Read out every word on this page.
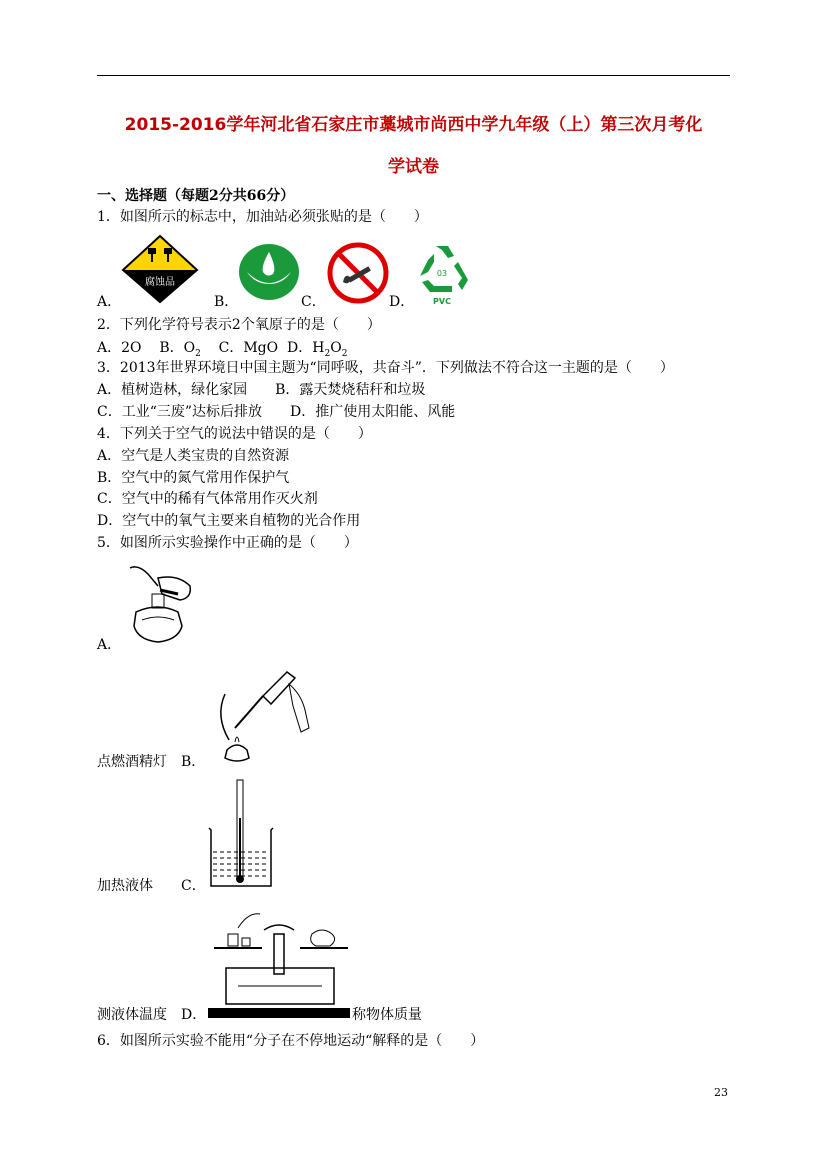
2015-2016学年河北省石家庄市藁城市尚西中学九年级（上）第三次月考化
学试卷
一、选择题（每题2分共66分）
1．如图所示的标志中，加油站必须张贴的是（　　）
A．
腐蚀品
B．	C．	D．
03
PVC
2．下列化学符号表示2个氧原子的是（　　）
A．2O B．$O_2$ C．MgO D．$H_2O_2$
3．2013年世界环境日中国主题为“同呼吸，共奋斗”．下列做法不符合这一主题的是（　　）
A．植树造林，绿化家园　　B．露天焚烧秸秆和垃圾
C．工业“三废”达标后排放　　D．推广使用太阳能、风能
4．下列关于空气的说法中错误的是（　　）
A．空气是人类宝贵的自然资源
B．空气中的氮气常用作保护气
C．空气中的稀有气体常用作灭火剂
D．空气中的氧气主要来自植物的光合作用
5．如图所示实验操作中正确的是（　　）
A．
点燃酒精灯　B．
加热液体　　C．
测液体温度　D．	称物体质量
6．如图所示实验不能用“分子在不停地运动“解释的是（　　）
23
